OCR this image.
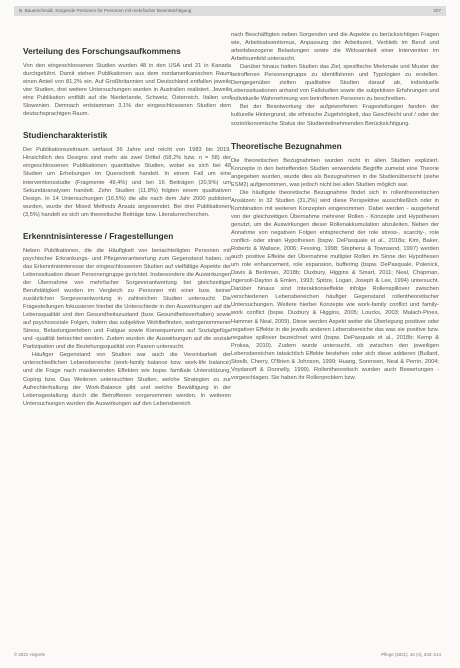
B. Bauerschmidt, Sorgende Personen für Personen mit mehrfacher Beeinträchtigung	207
Verteilung des Forschungsaufkommens

Von den eingeschlossenen Studien wurden 48 in den USA und 21 in Kanada durchgeführt. Damit stehen Publikationen aus dem nordamerikanischen Raum einen Anteil von 81,2% ein. Auf Großbritannien und Deutschland entfallen jeweils vier Studien, drei weitere Untersuchungen wurden in Australien realisiert. Jeweils eine Publikation entfällt auf die Niederlande, Schweiz, Österreich, Italien und Slowenien. Demnach entstammen 3,1% der eingeschlossenen Studien dem deutschsprachigen Raum.

Studiencharakteristik

Der Publikationszeitraum umfasst 36 Jahre und reicht von 1983 bis 2019. Hinsichtlich des Designs sind mehr als zwei Drittel (68,2% bzw. n = 58) der eingeschlossenen Publikationen quantitative Studien, wobei es sich bei 48 Studien um Erhebungen im Querschnitt handelt. In einem Fall um eine interventionsstudie (Fragmente 49,4%) und bei 16 Beiträgen (20,9%) um Sekundäranalysen handelt. Zehn Studien (11,8%) folgten einem qualitativen Design. In 14 Untersuchungen (16,5%) die alle nach dem Jahr 2000 publiziert wurden, wurde der Mixed Methods Ansatz angewendet. Bei drei Publikationen (3,5%) handelt es sich um theoretische Beiträge bzw. Literaturrecherchen.

Erkenntnisinteresse / Fragestellungen

Neben Publikationen, die die Häufigkeit von benachteiligten Personen mit psychischer Erkrankungs- und Pflegeverantwortung zum Gegenstand haben, ist das Erkenntnisinteresse der eingeschlossenen Studien auf vielfältige Aspekte der Lebenssituation dieser Personengruppe gerichtet. Insbesondere die Auswirkungen der Übernahme von mehrfacher Sorgeverantwortung bei gleichzeitiger Berufstätigkeit wurden im Vergleich zu Personen mit einer bzw. keiner zusätzlichen Sorgeverantwortung in zahlreichen Studien untersucht. Die Fragestellungen fokussieren hierbei die Unterschiede in den Auswirkungen auf die Lebensqualität und den Gesundheitszustand (bzw. Gesundheitsverhalten) sowie auf psychosoziale Folgen, indem das subjektive Wohlbefinden, wahrgenommener Stress, Belastungserleben und Fatigue sowie Konsequenzen auf Sozialgefüge und -qualität betrachtet werden. Zudem wurden die Auswirkungen auf die soziale Partizipation und die Beziehungsqualität von Paaren untersucht.

Häufiger Gegenstand von Studien war auch die Vereinbarkeit der unterschiedlichen Lebensbereiche (work-family balance bzw. work-life balance) und die Frage nach maskierenden Effekten wie bspw. familiale Unterstützung, Coping bzw. Das Weiteren untersuchten Studien, welche Strategien zu zur Aufrechterhaltung der Work-Balance gibt und welche Bewältigung in der Lebensgestaltung durch die Betroffenen vorgenommen werden. In weiteren Untersuchungen wurden die Auswirkungen auf den Lebensbereich

nach Beschäftigten neben Sorgenden und die Aspekte zu berücksichtigen Fragen wie, Arbeitsabsentismus, Anpassung der Arbeitszeit, Verbleib im Beruf und arbeitsbezogene Belastungen sowie die Wirksamkeit einer Intervention im Arbeitsumfeld untersucht.

Darüber hinaus hatten Studien das Ziel, spezifische Merkmale und Muster der betroffenen Personengruppe zu identifizieren und Typologien zu erstellen. Demgegenüber zielten qualitative Studien darauf ab, individuelle Lebenssituationen anhand von Fallstudien sowie die subjektiven Erfahrungen und individuelle Wahrnehmung von betroffenen Personen zu beschreiben.

Bei der Beantwortung der aufgeworfenen Fragestellungen fanden der kulturelle Hintergrund, die ethnische Zugehörigkeit, das Geschlecht und / oder der sozioökonomische Status der Studienteilnehmenden Berücksichtigung.

Theoretische Bezugnahmen

Die theoretischen Bezugnahmen wurden nicht in allen Studien expliziert. Konzepte in den betreffenden Studien verwendete Begriffe zumeist eine Theorie angegeben wurden, wurde dies als Bezugnahmen in die Studienübersicht (siehe ESM2) aufgenommen, was jedoch nicht bei allen Studien möglich war.

Die häufigste theoretische Bezugnahme findet sich in rollentheoretischen Ansätzen: in 32 Studien (31,2%) wird diese Perspektive ausschließlich oder in Kombination mit weiteren Konzepten eingenommen. Dabei werden - ausgehend von der gleichzeitigen Übernahme mehrerer Rollen - Konzepte und Hypothesen genutzt, um die Auswirkungen dieser Rollenakkumulation abzuleiten. Neben der Annahme von negativen Folgen entsprechend der role stress-, scarcity-, role conflict- oder strain Hypothesen (bspw. DePasquale et al., 2018a; Kim, Baker, Roberts & Wallace, 2006; Fessing, 1998; Stephens & Townsend, 1997) werden auch positive Effekte der Übernahme multipler Rollen im Sinne der Hypothesen um role enhancement, role expansion, buffering (bspw. DePasquale, Polenick, Davis & Berkman, 2018b; Duxbury, Higgins & Smart, 2011; Neal, Chapman, Ingersoll-Dayton & Emlen, 1993; Spitze, Logan, Joseph & Lee, 1994) untersucht. Darüber hinaus sind Interaktionseffekte infolge Rollenspillover zwischen verschiedenen Lebensbereichen häufiger Gegenstand rollentheoretischer Untersuchungen. Weitere hierbei Konzepte wie work-family conflict und family-work conflict (bspw. Duxbury & Higgins, 2005; Loucks, 2003; Malach-Pines, Hammer & Neal, 2009). Diese werden Aspekt weiter die Überlegung positiver oder negativer Effekte in die jeweils anderen Lebensbereiche das was sie positive bzw. negative spillover bezeichnet wird (bspw. DePasquale et al., 2018b; Kemp & Proksa, 2010). Zudem wurde untersucht, ob zwischen den jeweiligen Lebensbereichen tatsächlich Effekte bestehen oder sich diese addieren (Bullard, Stoelb, Cherry, O'Brien & Johnson, 1999; Huang, Sorensen, Neal & Perrin, 2004; Voydanoff & Donnelly, 1999). Rollentheoretisch wurden auch Bewertungen - vorgeschlagen. Sie haben ihr Rollenproblem bzw.

© 2021 Hogrefe	Pflege (2021), 34 (4), 203–214
